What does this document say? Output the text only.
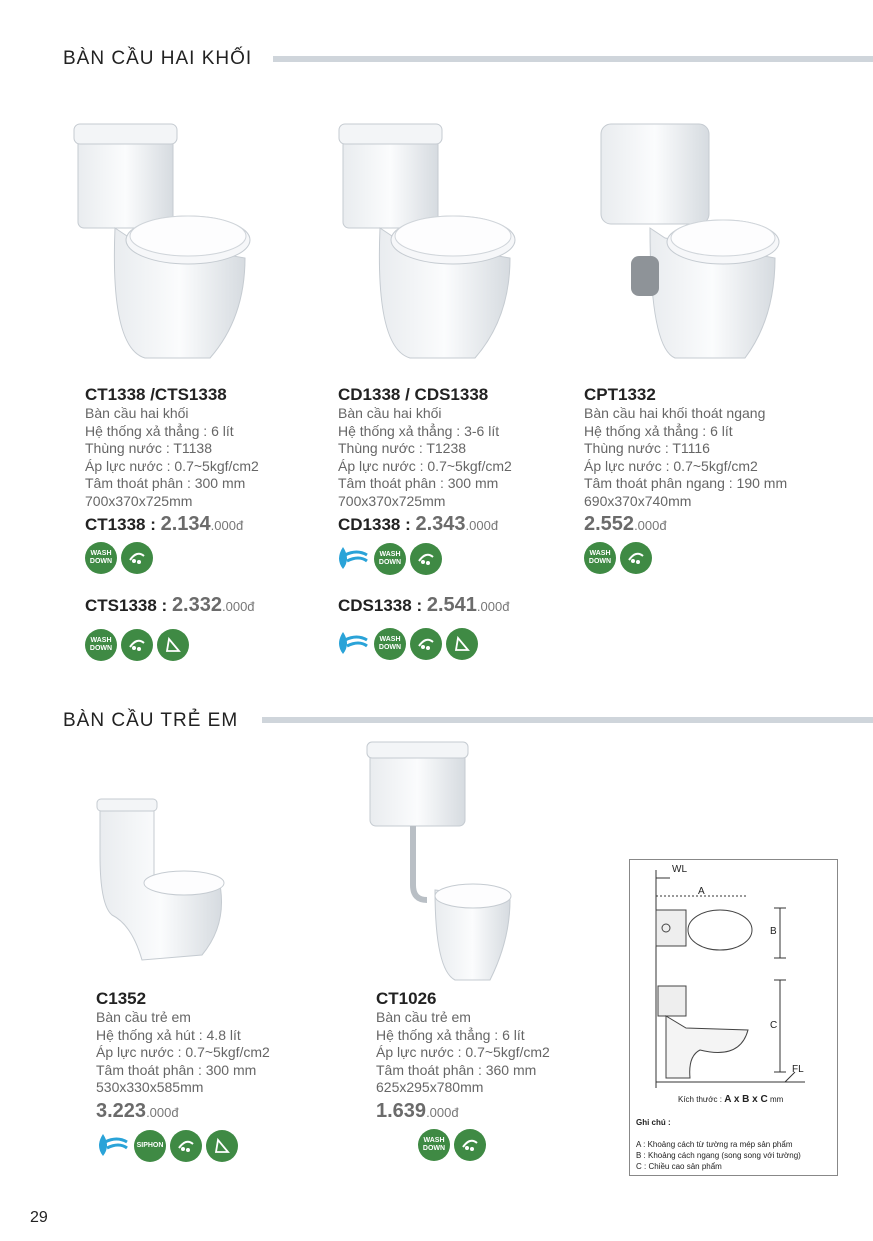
BÀN CẦU HAI KHỐI
BÀN CẦU TRẺ EM
CT1338 /CTS1338
Bàn cầu hai khối
Hệ thống xả thẳng : 6 lít
Thùng nước : T1138
Áp lực nước : 0.7~5kgf/cm2
Tâm thoát phân : 300 mm
700x370x725mm
CT1338 : 2.134.000đ
WASH DOWN
CTS1338 : 2.332.000đ
WASH DOWN
CD1338 / CDS1338
Bàn cầu hai khối
Hệ thống xả thẳng : 3-6 lít
Thùng nước : T1238
Áp lực nước : 0.7~5kgf/cm2
Tâm thoát phân : 300 mm
700x370x725mm
CD1338 : 2.343.000đ
WASH DOWN
CDS1338 : 2.541.000đ
WASH DOWN
CPT1332
Bàn cầu hai khối thoát ngang
Hệ thống xả thẳng : 6 lít
Thùng nước : T1116
Áp lực nước : 0.7~5kgf/cm2
Tâm thoát phân ngang : 190 mm
690x370x740mm
2.552.000đ
WASH DOWN
C1352
Bàn cầu trẻ em
Hệ thống xả hút : 4.8 lít
Áp lực nước : 0.7~5kgf/cm2
Tâm thoát phân : 300 mm
530x330x585mm
3.223.000đ
SIPHON
CT1026
Bàn cầu trẻ em
Hệ thống xả thẳng : 6 lít
Áp lực nước : 0.7~5kgf/cm2
Tâm thoát phân : 360 mm
625x295x780mm
1.639.000đ
WASH DOWN
WL
A
B
C
FL
Kích thước : A x B x C mm
Ghi chú :
A : Khoảng cách từ tường ra mép sản phẩm
B : Khoảng cách ngang (song song với tường)
C : Chiều cao sản phẩm
29
